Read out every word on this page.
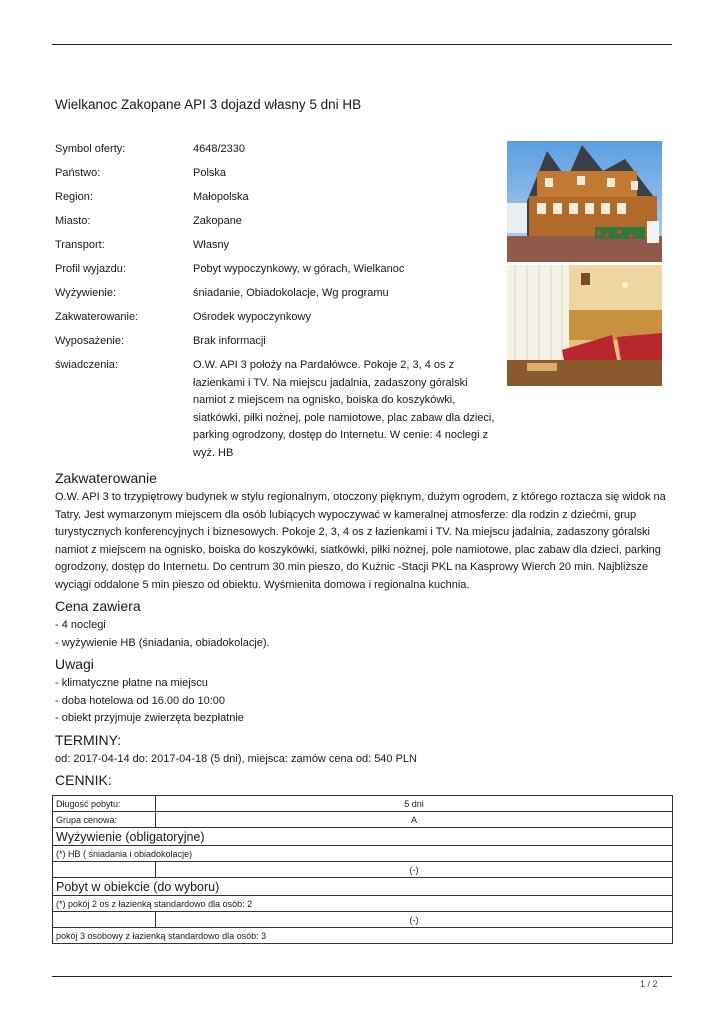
Wielkanoc Zakopane API 3 dojazd własny 5 dni HB
Symbol oferty:	4648/2330
Państwo:	Polska
Region:	Małopolska
Miasto:	Zakopane
Transport:	Własny
Profil wyjazdu:	Pobyt wypoczynkowy, w górach, Wielkanoc
Wyżywienie:	śniadanie, Obiadokolacje, Wg programu
Zakwaterowanie:	Ośrodek wypoczynkowy
Wyposażenie:	Brak informacji
świadczenia:	O.W. API 3 położy na Pardałówce. Pokoje 2, 3, 4 os z łazienkami i TV. Na miejscu jadalnia, zadaszony góralski namiot z miejscem na ognisko, boiska do koszykówki, siatkówki, piłki nożnej, pole namiotowe, plac zabaw dla dzieci, parking ogrodzony, dostęp do Internetu. W cenie: 4 noclegi z wyż. HB
Zakwaterowanie

O.W. API 3 to trzypiętrowy budynek w stylu regionalnym, otoczony pięknym, dużym ogrodem, z którego roztacza się widok na Tatry. Jest wymarzonym miejscem dla osób lubiących wypoczywać w kameralnej atmosferze: dla rodzin z dziećmi, grup turystycznych konferencyjnych i biznesowych. Pokoje 2, 3, 4 os z łazienkami i TV. Na miejscu jadalnia, zadaszony góralski namiot z miejscem na ognisko, boiska do koszykówki, siatkówki, piłki nożnej, pole namiotowe, plac zabaw dla dzieci, parking ogrodzony, dostęp do Internetu. Do centrum 30 min pieszo, do Kuźnic -Stacji PKL na Kasprowy Wierch 20 min. Najbliższe wyciągi oddalone 5 min pieszo od obiektu. Wyśmienita domowa i regionalna kuchnia.

Cena zawiera

- 4 noclegi

- wyżywienie HB (śniadania, obiadokolacje).

Uwagi

- klimatyczne płatne na miejscu

- doba hotelowa od 16.00 do 10:00

- obiekt przyjmuje zwierzęta bezpłatnie

TERMINY:

od: 2017-04-14 do: 2017-04-18 (5 dni), miejsca: zamów cena od: 540 PLN

CENNIK:
Długość pobytu:	5 dni
Grupa cenowa:	A
Wyżywienie (obligatoryjne)	
(*) HB ( śniadania i obiadokolacje)	
	(-)
Pobyt w obiekcie (do wyboru)	
(*) pokój 2 os z łazienką standardowo dla osób: 2	
	(-)
pokój 3 osobowy z łazienką standardowo dla osób: 3	
1 / 2
